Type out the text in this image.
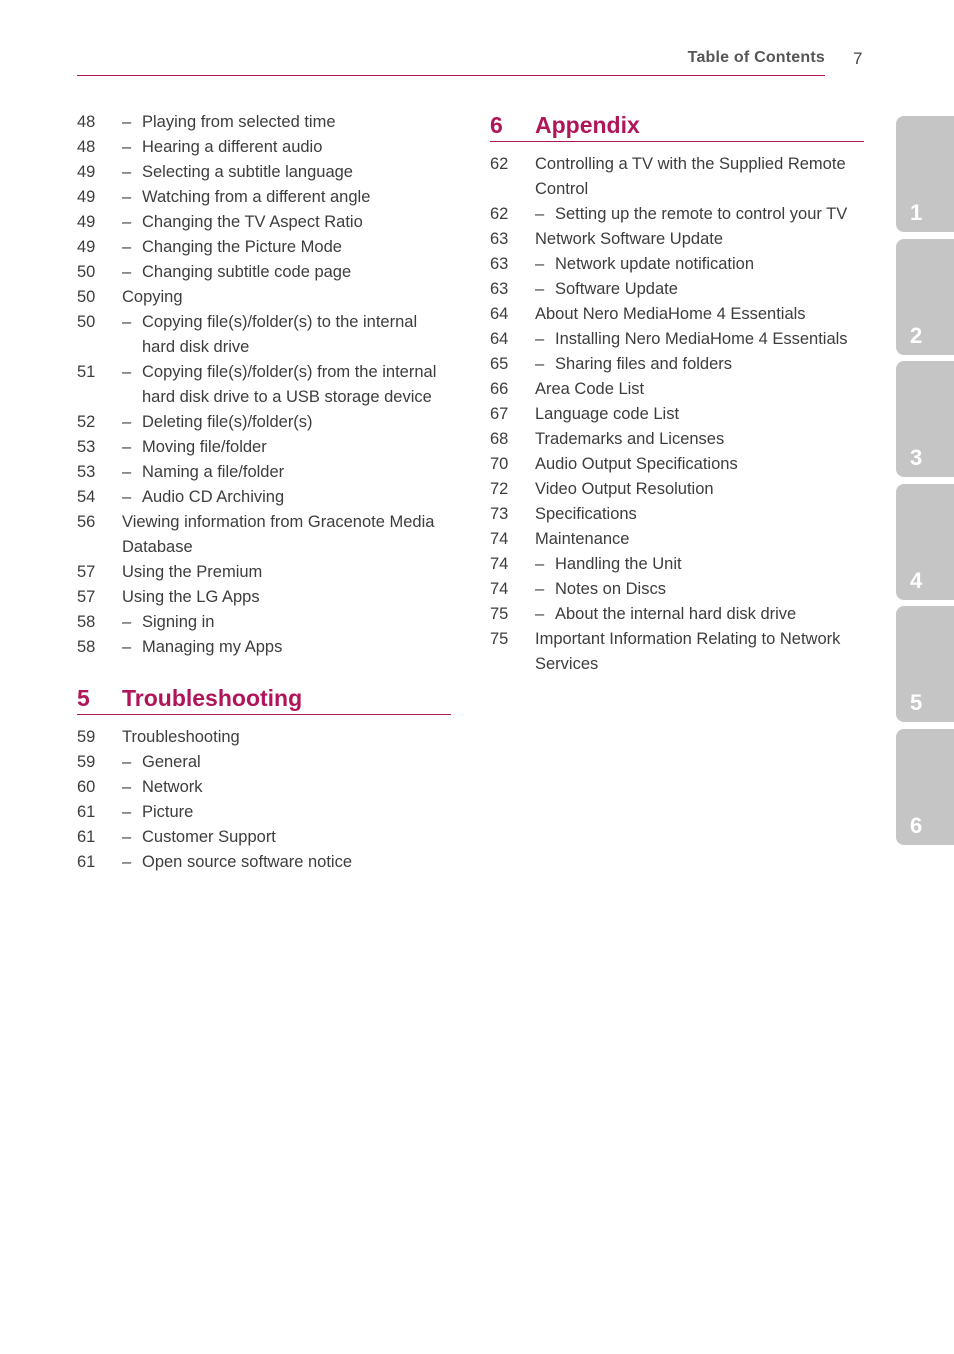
Table of Contents 7
48	– Playing from selected time
48	– Hearing a different audio
49	– Selecting a subtitle language
49	– Watching from a different angle
49	– Changing the TV Aspect Ratio
49	– Changing the Picture Mode
50	– Changing subtitle code page
50	Copying
50	– Copying file(s)/folder(s) to the internal hard disk drive
51	– Copying file(s)/folder(s) from the internal hard disk drive to a USB storage device
52	– Deleting file(s)/folder(s)
53	– Moving file/folder
53	– Naming a file/folder
54	– Audio CD Archiving
56	Viewing information from Gracenote Media Database
57	Using the Premium
57	Using the LG Apps
58	– Signing in
58	– Managing my Apps
5	Troubleshooting
59	Troubleshooting
59	– General
60	– Network
61	– Picture
61	– Customer Support
61	– Open source software notice
6	Appendix
62	Controlling a TV with the Supplied Remote Control
62	– Setting up the remote to control your TV
63	Network Software Update
63	– Network update notification
63	– Software Update
64	About Nero MediaHome 4 Essentials
64	– Installing Nero MediaHome 4 Essentials
65	– Sharing files and folders
66	Area Code List
67	Language code List
68	Trademarks and Licenses
70	Audio Output Specifications
72	Video Output Resolution
73	Specifications
74	Maintenance
74	– Handling the Unit
74	– Notes on Discs
75	– About the internal hard disk drive
75	Important Information Relating to Network Services
1
2
3
4
5
6
